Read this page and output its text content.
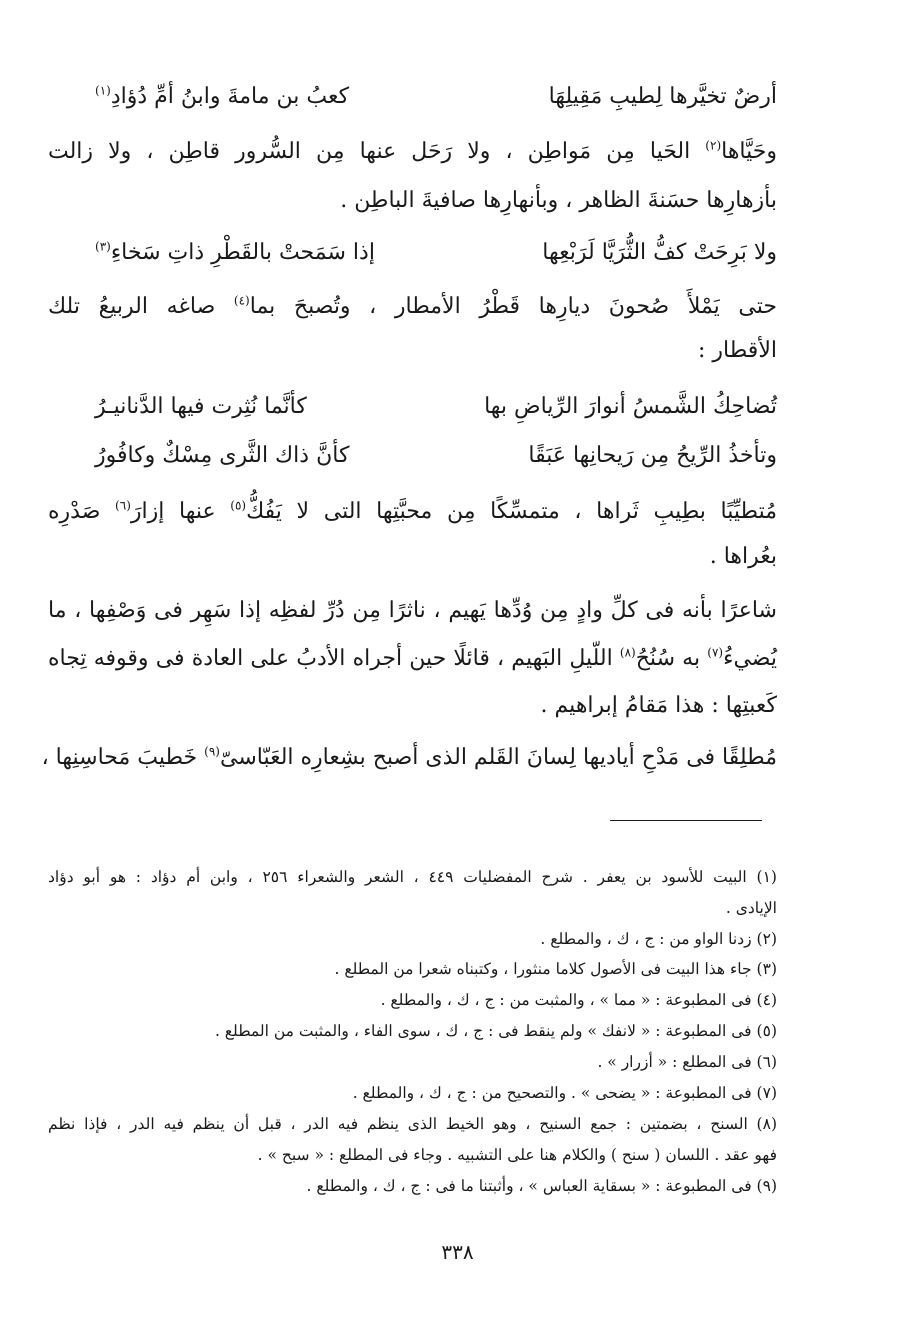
أرضٌ تخيَّرها لِطيبِ مَقِيلِهَا
كعبُ بن مامةَ وابنُ أمِّ دُؤادِ$^{(١)}$
وحَيَّاها$^{(٢)}$ الحَيا مِن مَواطِن ، ولا رَحَل عنها مِن السُّرور قاطِن ، ولا زالت
بأزهارِها حسَنةَ الظاهر ، وبأنهارِها صافيةَ الباطِن .
ولا بَرِحَتْ كفُّ الثُّرَيَّا لَرَبْعِها
إذا سَمَحتْ بالقَطْرِ ذاتِ سَخاءِ$^{(٣)}$
حتى يَمْلأَ صُحونَ ديارِها قَطْرُ الأمطار ، وتُصبحَ بما$^{(٤)}$ صاغه الربيعُ تلك
الأقطار :
تُضاحِكُ الشَّمسُ أنوارَ الرِّياضِ بها
كأنَّما نُثِرت فيها الدَّنانيـرُ
وتأخذُ الرِّيحُ مِن رَيحانِها عَبَقًا
كأنَّ ذاك الثَّرى مِسْكٌ وكافُورُ
مُتطيِّبًا بطِيبِ ثَراها ، متمسِّكًا مِن محبَّتِها التى لا يَفُكُّ$^{(٥)}$ عنها إزارَ$^{(٦)}$ صَدْرِه
بعُراها .
شاعرًا بأنه فى كلِّ وادٍ مِن وُدِّها يَهيم ، ناثرًا مِن دُرِّ لفظِه إذا سَهِر فى وَصْفِها ، ما
يُضيءُ$^{(٧)}$ به سُنُحُ$^{(٨)}$ اللّيلِ البَهيم ، قائلًا حين أجراه الأدبُ على العادة فى وقوفه تِجاه
كَعبتِها : هذا مَقامُ إبراهيم .
مُطلِقًا فى مَدْحِ أياديها لِسانَ القَلم الذى أصبح بشِعارِه العَبّاسىّ$^{(٩)}$ خَطيبَ مَحاسِنِها ،
(١) البيت للأسود بن يعفر . شرح المفضليات ٤٤٩ ، الشعر والشعراء ٢٥٦ ، وابن أم دؤاد : هو أبو دؤاد
الإيادى .
(٢) زدنا الواو من : ج ، ك ، والمطلع .
(٣) جاء هذا البيت فى الأصول كلاما منثورا ، وكتبناه شعرا من المطلع .
(٤) فى المطبوعة : « مما » ، والمثبت من : ج ، ك ، والمطلع .
(٥) فى المطبوعة : « لانفك » ولم ينقط فى : ج ، ك ، سوى الفاء ، والمثبت من المطلع .
(٦) فى المطلع : « أزرار » .
(٧) فى المطبوعة : « يضحى » . والتصحيح من : ج ، ك ، والمطلع .
(٨) السنح ، بضمتين : جمع السنيح ، وهو الخيط الذى ينظم فيه الدر ، قبل أن ينظم فيه الدر ، فإذا نظم
فهو عقد . اللسان ( سنح ) والكلام هنا على التشبيه . وجاء فى المطلع : « سبح » .
(٩) فى المطبوعة : « بسقاية العباس » ، وأثبتنا ما فى : ج ، ك ، والمطلع .
٣٣٨
